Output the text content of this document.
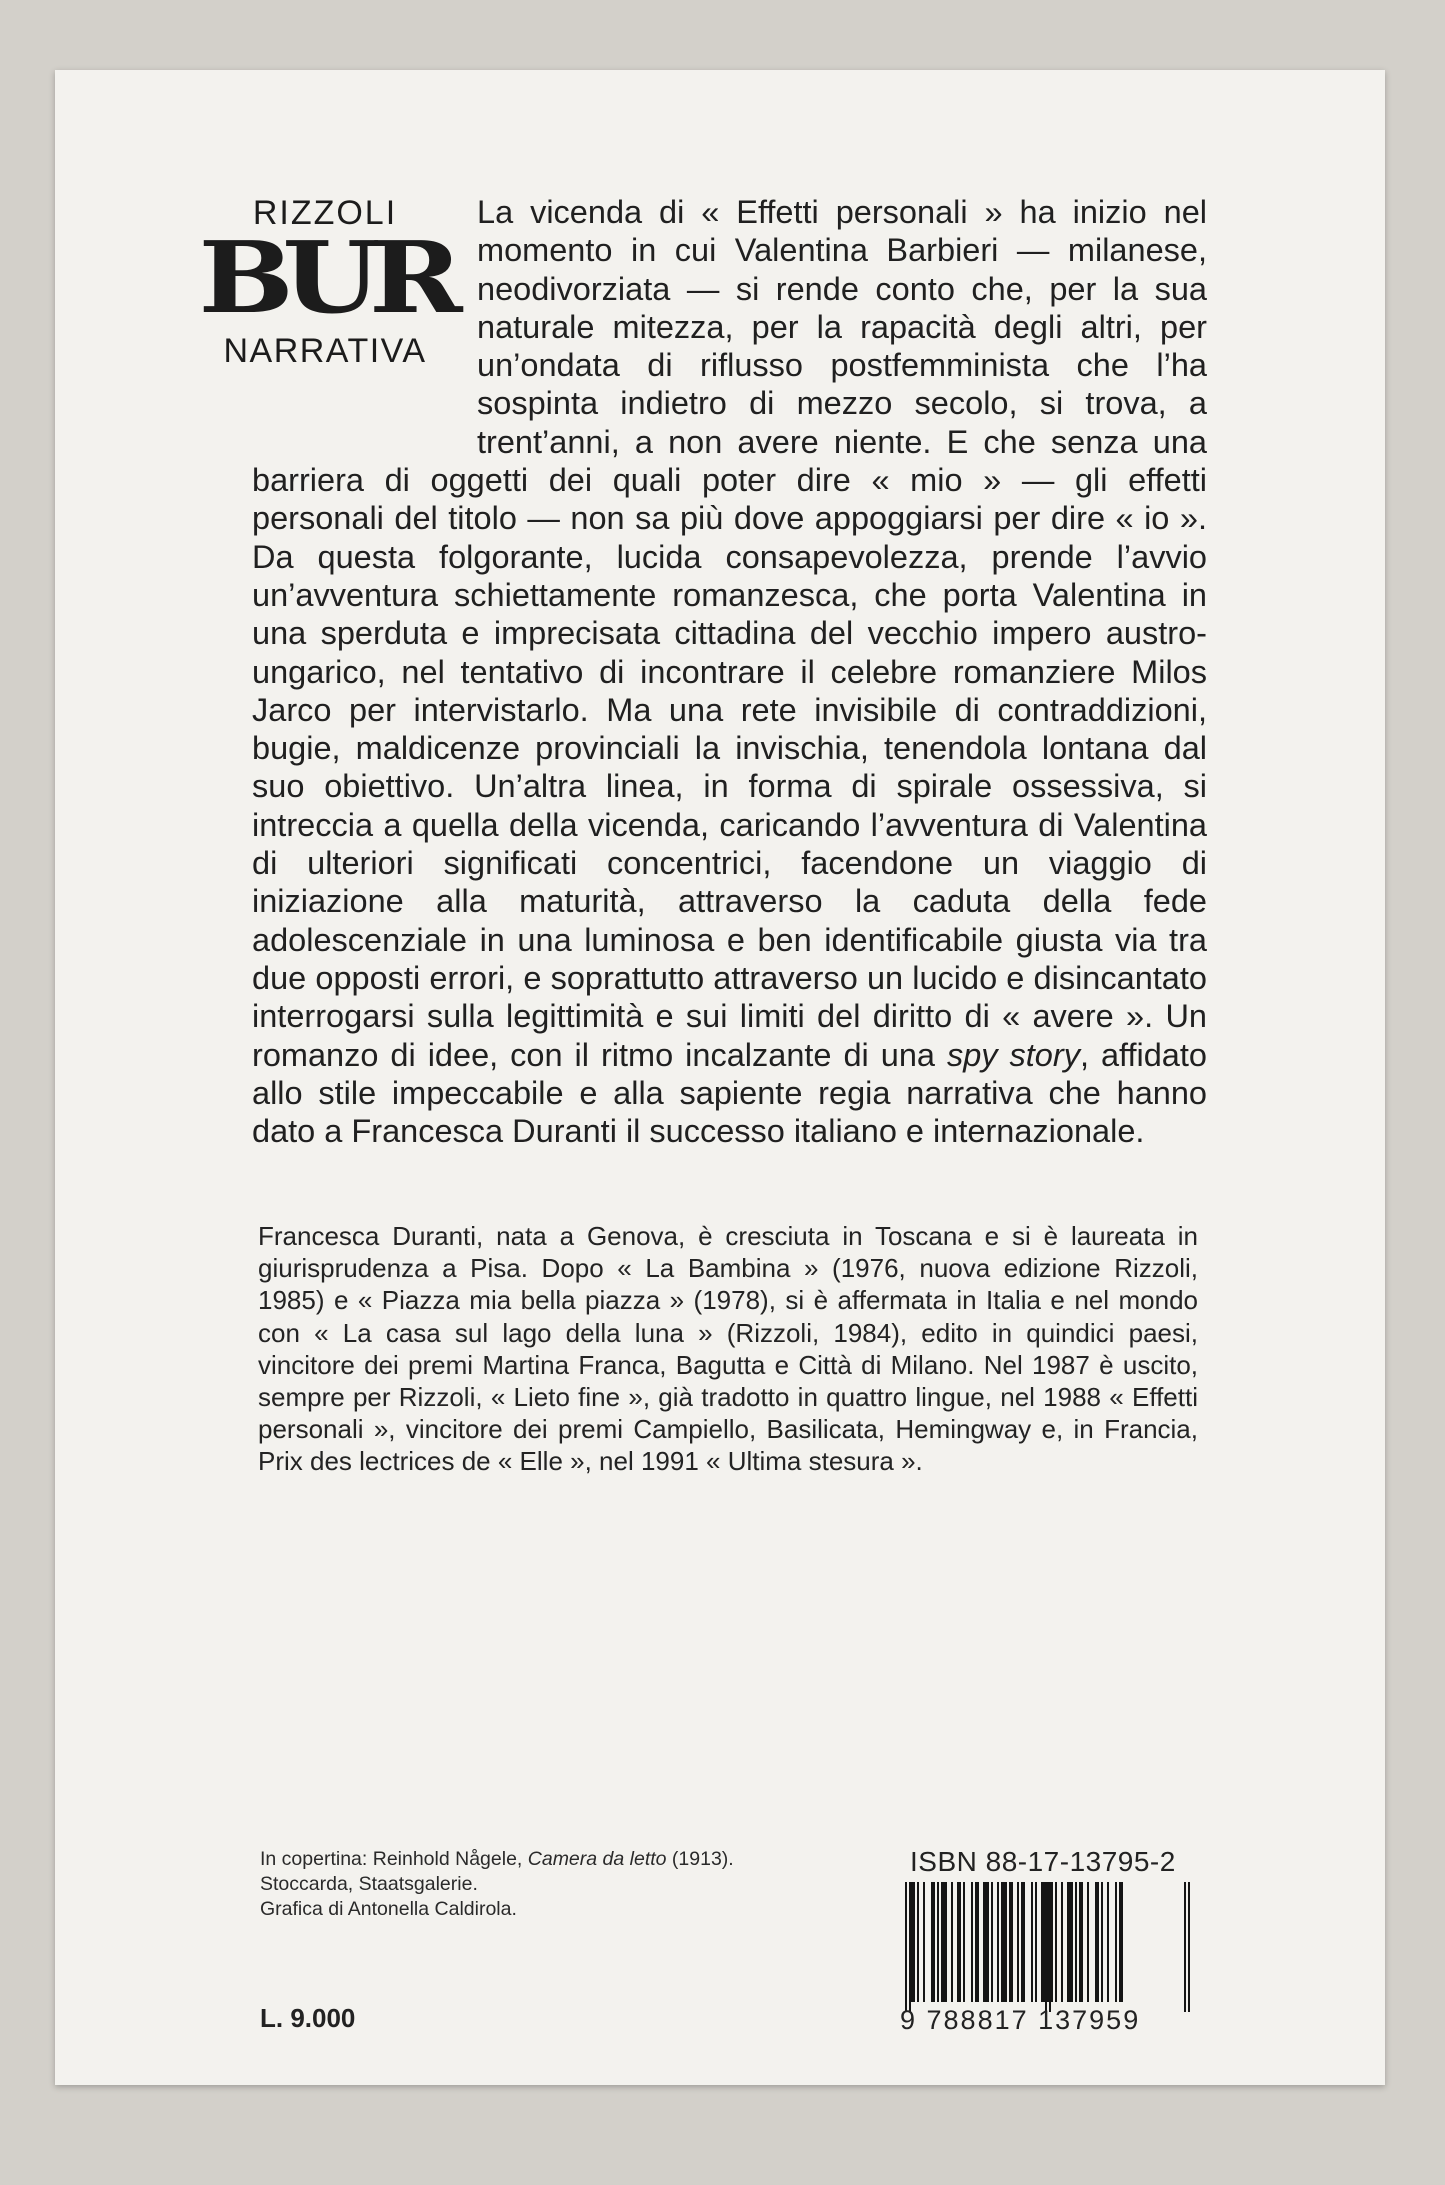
RIZZOLI
BUR
NARRATIVA
La vicenda di « Effetti personali » ha inizio nel momento in cui Valentina Barbieri — milanese, neodivorziata — si rende conto che, per la sua naturale mitezza, per la rapacità degli altri, per un’ondata di riflusso postfemminista che l’ha sospinta indietro di mezzo secolo, si trova, a trent’anni, a non avere niente. E che senza una barriera di oggetti dei quali poter dire « mio » — gli effetti personali del titolo — non sa più dove appoggiarsi per dire « io ». Da questa folgorante, lucida consapevolezza, prende l’avvio un’avventura schiettamente romanzesca, che porta Valentina in una sperduta e imprecisata cittadina del vecchio impero austro-ungarico, nel tentativo di incontrare il celebre romanziere Milos Jarco per intervistarlo. Ma una rete invisibile di contraddizioni, bugie, maldicenze provinciali la invischia, tenendola lontana dal suo obiettivo. Un’altra linea, in forma di spirale ossessiva, si intreccia a quella della vicenda, caricando l’avventura di Valentina di ulteriori significati concentrici, facendone un viaggio di iniziazione alla maturità, attraverso la caduta della fede adolescenziale in una luminosa e ben identificabile giusta via tra due opposti errori, e soprattutto attraverso un lucido e disincantato interrogarsi sulla legittimità e sui limiti del diritto di « avere ». Un romanzo di idee, con il ritmo incalzante di una spy story, affidato allo stile impeccabile e alla sapiente regia narrativa che hanno dato a Francesca Duranti il successo italiano e internazionale.
Francesca Duranti, nata a Genova, è cresciuta in Toscana e si è laureata in giurisprudenza a Pisa. Dopo « La Bambina » (1976, nuova edizione Rizzoli, 1985) e « Piazza mia bella piazza » (1978), si è affermata in Italia e nel mondo con « La casa sul lago della luna » (Rizzoli, 1984), edito in quindici paesi, vincitore dei premi Martina Franca, Bagutta e Città di Milano. Nel 1987 è uscito, sempre per Rizzoli, « Lieto fine », già tradotto in quattro lingue, nel 1988 « Effetti personali », vincitore dei premi Campiello, Basilicata, Hemingway e, in Francia, Prix des lectrices de « Elle », nel 1991 « Ultima stesura ».
In copertina: Reinhold Någele, Camera da letto (1913).
Stoccarda, Staatsgalerie.
Grafica di Antonella Caldirola.
L. 9.000
ISBN 88-17-13795-2
9 788817 137959
